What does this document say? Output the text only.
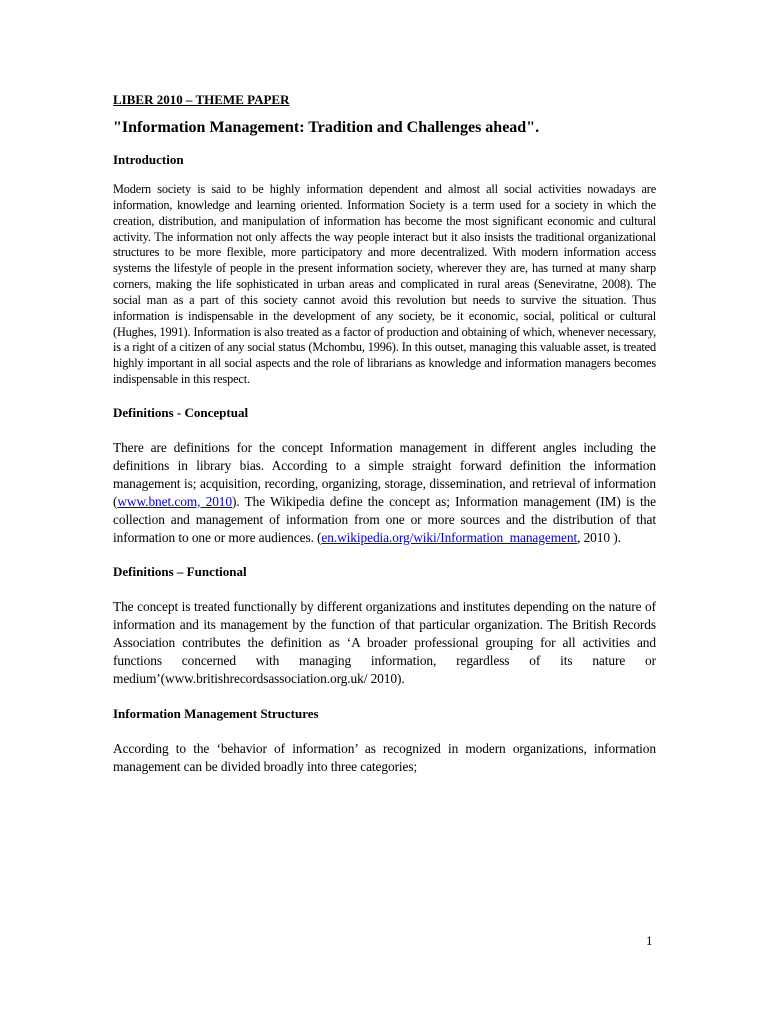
LIBER 2010 – THEME PAPER

"Information Management: Tradition and Challenges ahead".
Introduction

Modern society is said to be highly information dependent and almost all social activities nowadays are information, knowledge and learning oriented. Information Society is a term used for a society in which the creation, distribution, and manipulation of information has become the most significant economic and cultural activity. The information not only affects the way people interact but it also insists the traditional organizational structures to be more flexible, more participatory and more decentralized. With modern information access systems the lifestyle of people in the present information society, wherever they are, has turned at many sharp corners, making the life sophisticated in urban areas and complicated in rural areas (Seneviratne, 2008). The social man as a part of this society cannot avoid this revolution but needs to survive the situation. Thus information is indispensable in the development of any society, be it economic, social, political or cultural (Hughes, 1991). Information is also treated as a factor of production and obtaining of which, whenever necessary, is a right of a citizen of any social status (Mchombu, 1996). In this outset, managing this valuable asset, is treated highly important in all social aspects and the role of librarians as knowledge and information managers becomes indispensable in this respect.

Definitions - Conceptual

There are definitions for the concept Information management in different angles including the definitions in library bias. According to a simple straight forward definition the information management is; acquisition, recording, organizing, storage, dissemination, and retrieval of information (www.bnet.com, 2010). The Wikipedia define the concept as; Information management (IM) is the collection and management of information from one or more sources and the distribution of that information to one or more audiences. (en.wikipedia.org/wiki/Information_management, 2010 ).

Definitions – Functional

The concept is treated functionally by different organizations and institutes depending on the nature of information and its management by the function of that particular organization. The British Records Association contributes the definition as ‘A broader professional grouping for all activities and functions concerned with managing information, regardless of its nature or medium’(www.britishrecordsassociation.org.uk/ 2010).

Information Management Structures

According to the ‘behavior of information’ as recognized in modern organizations, information management can be divided broadly into three categories;

1
